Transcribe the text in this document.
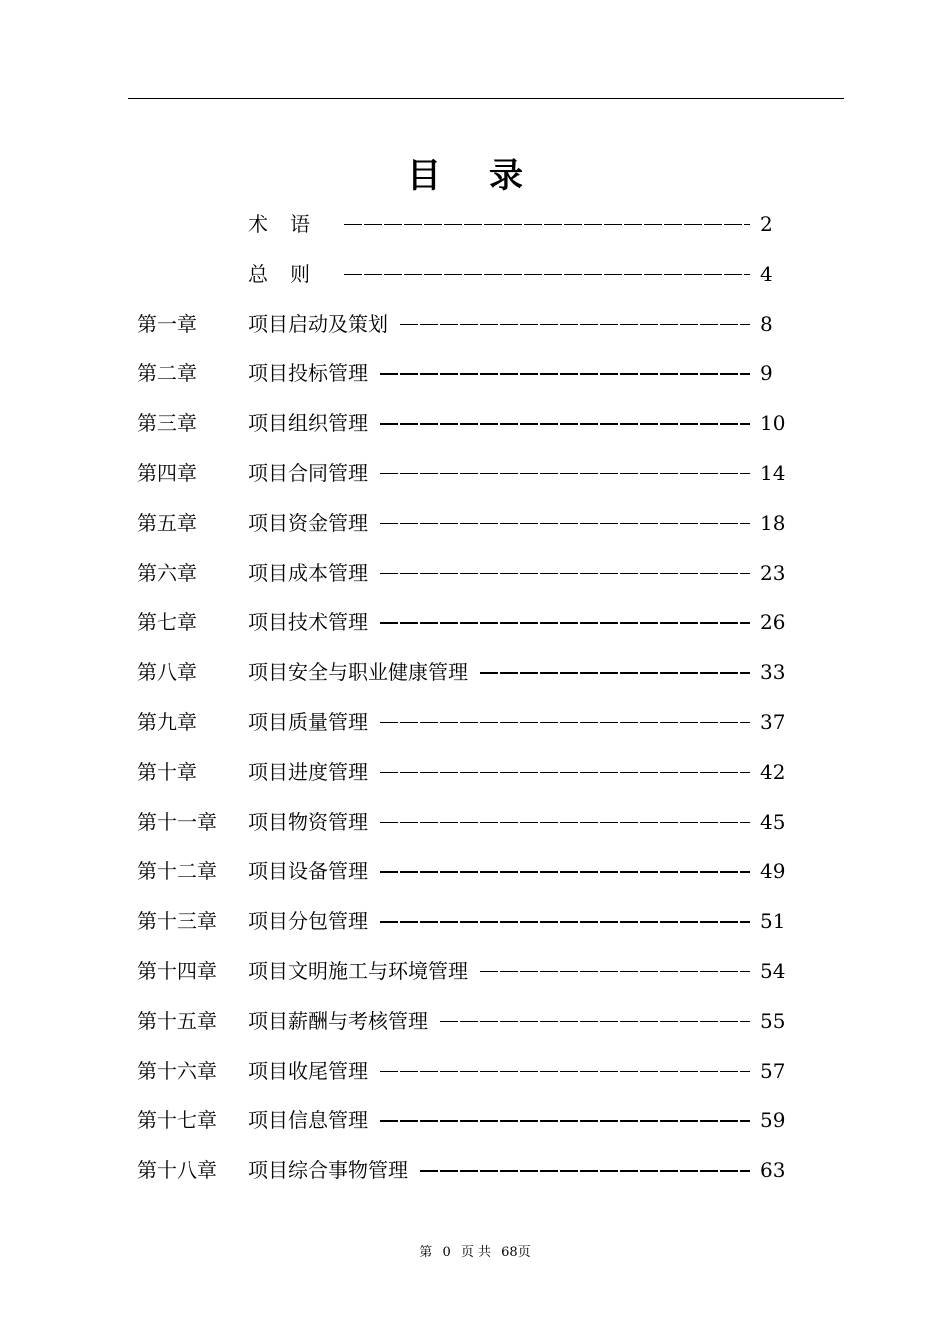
目录
术语	2
总则	4
第一章	项目启动及策划	8
第二章	项目投标管理	9
第三章	项目组织管理	10
第四章	项目合同管理	14
第五章	项目资金管理	18
第六章	项目成本管理	23
第七章	项目技术管理	26
第八章	项目安全与职业健康管理	33
第九章	项目质量管理	37
第十章	项目进度管理	42
第十一章 项目物资管理	45
第十二章 项目设备管理	49
第十三章 项目分包管理	51
第十四章 项目文明施工与环境管理	54
第十五章 项目薪酬与考核管理	55
第十六章 项目收尾管理	57
第十七章 项目信息管理	59
第十八章 项目综合事物管理	63
第 0 页 共 68页
